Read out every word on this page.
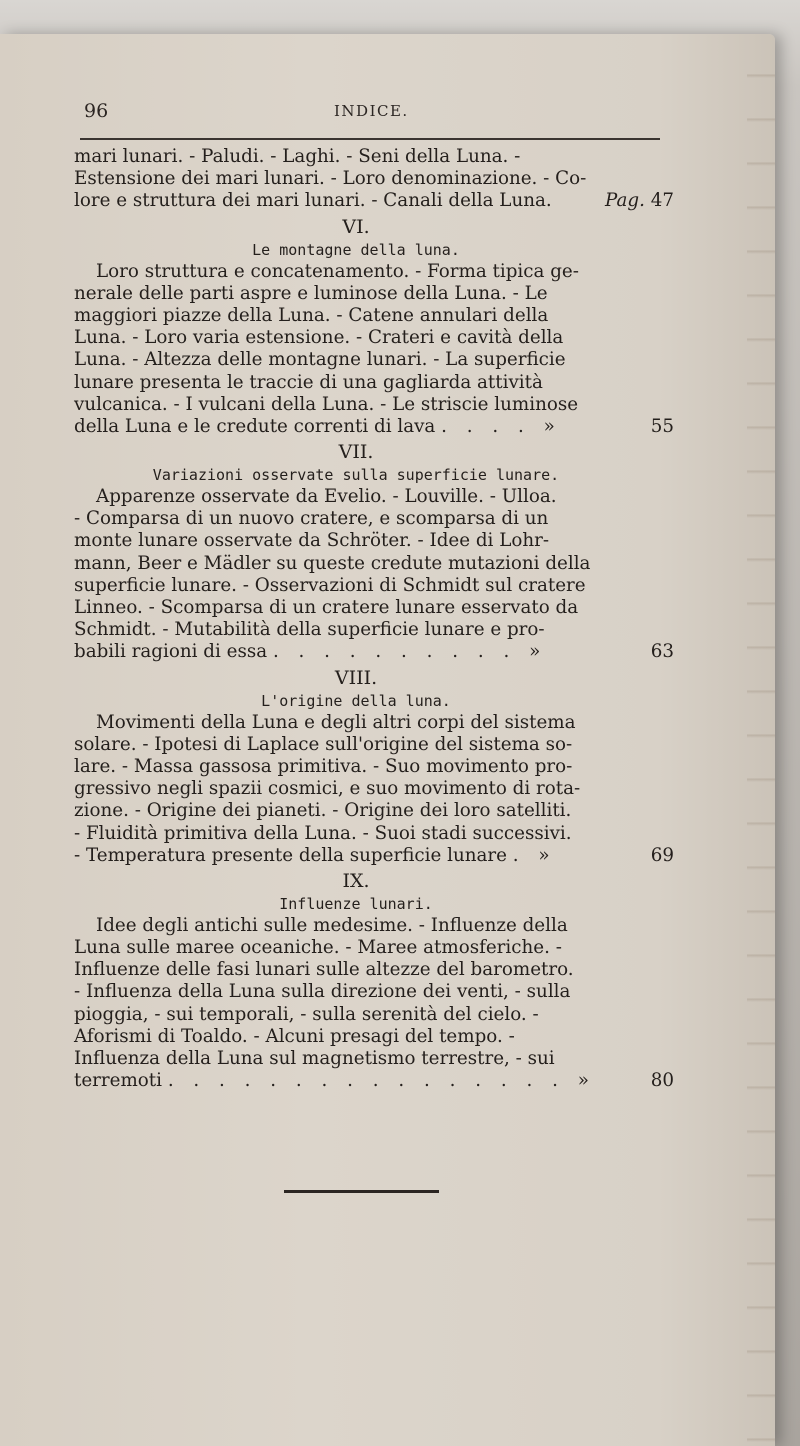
96	INDICE.
mari lunari. - Paludi. - Laghi. - Seni della Luna. -
Estensione dei mari lunari. - Loro denominazione. - Co-
lore e struttura dei mari lunari. - Canali della Luna.	Pag. 47
VI.
Le montagne della luna.
Loro struttura e concatenamento. - Forma tipica ge-
nerale delle parti aspre e luminose della Luna. - Le
maggiori piazze della Luna. - Catene annulari della
Luna. - Loro varia estensione. - Crateri e cavità della
Luna. - Altezza delle montagne lunari. - La superficie
lunare presenta le traccie di una gagliarda attività
vulcanica. - I vulcani della Luna. - Le striscie luminose
della Luna e le credute correnti di lava . . . . »	55
VII.
Variazioni osservate sulla superficie lunare.
Apparenze osservate da Evelio. - Louville. - Ulloa.
- Comparsa di un nuovo cratere, e scomparsa di un
monte lunare osservate da Schröter. - Idee di Lohr-
mann, Beer e Mädler su queste credute mutazioni della
superficie lunare. - Osservazioni di Schmidt sul cratere
Linneo. - Scomparsa di un cratere lunare esservato da
Schmidt. - Mutabilità della superficie lunare e pro-
babili ragioni di essa . . . . . . . . . . »	63
VIII.
L'origine della luna.
Movimenti della Luna e degli altri corpi del sistema
solare. - Ipotesi di Laplace sull'origine del sistema so-
lare. - Massa gassosa primitiva. - Suo movimento pro-
gressivo negli spazii cosmici, e suo movimento di rota-
zione. - Origine dei pianeti. - Origine dei loro satelliti.
- Fluidità primitiva della Luna. - Suoi stadi successivi.
- Temperatura presente della superficie lunare . »	69
IX.
Influenze lunari.
Idee degli antichi sulle medesime. - Influenze della
Luna sulle maree oceaniche. - Maree atmosferiche. -
Influenze delle fasi lunari sulle altezze del barometro.
- Influenza della Luna sulla direzione dei venti, - sulla
pioggia, - sui temporali, - sulla serenità del cielo. -
Aforismi di Toaldo. - Alcuni presagi del tempo. -
Influenza della Luna sul magnetismo terrestre, - sui
terremoti . . . . . . . . . . . . . . . . »	80
